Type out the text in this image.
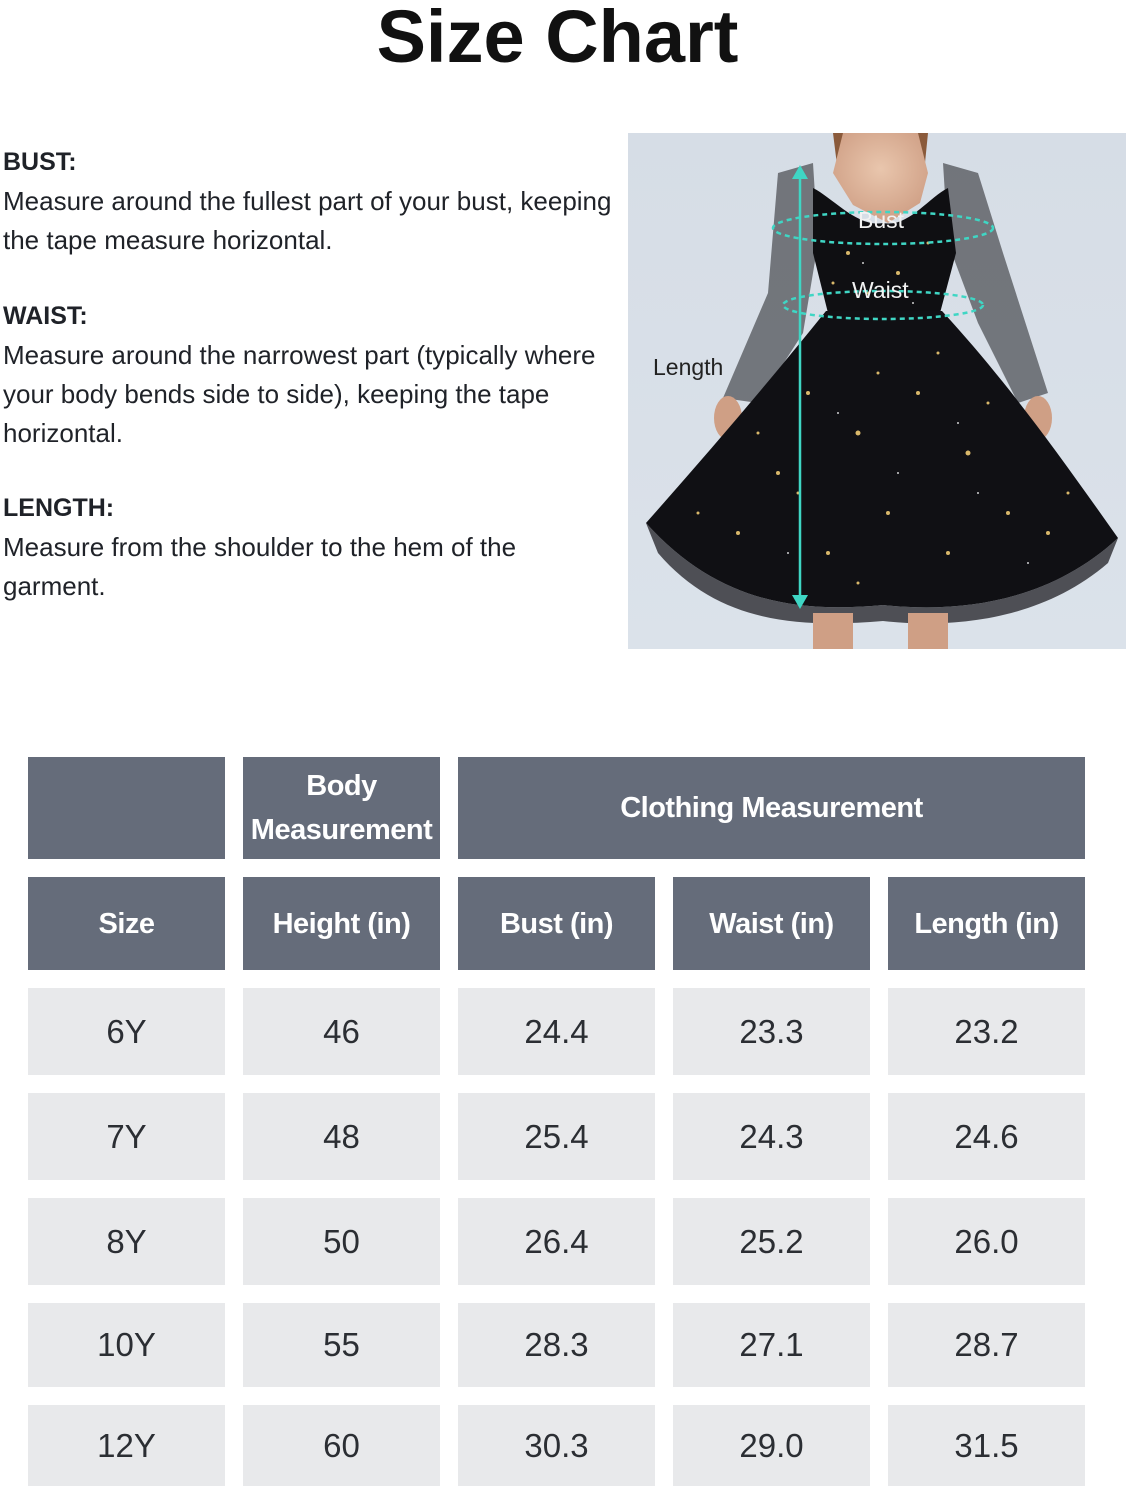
Size Chart
BUST:
Measure around the fullest part of your bust, keeping the tape measure horizontal.
WAIST:
Measure around the narrowest part (typically where your body bends side to side), keeping the tape horizontal.
LENGTH:
Measure from the shoulder to the hem of the garment.
Bust
Waist
Length
Body Measurement
Clothing Measurement
Size	Height (in)	Bust (in)	Waist (in)	Length (in)
6Y	46	24.4	23.3	23.2
7Y	48	25.4	24.3	24.6
8Y	50	26.4	25.2	26.0
10Y	55	28.3	27.1	28.7
12Y	60	30.3	29.0	31.5
